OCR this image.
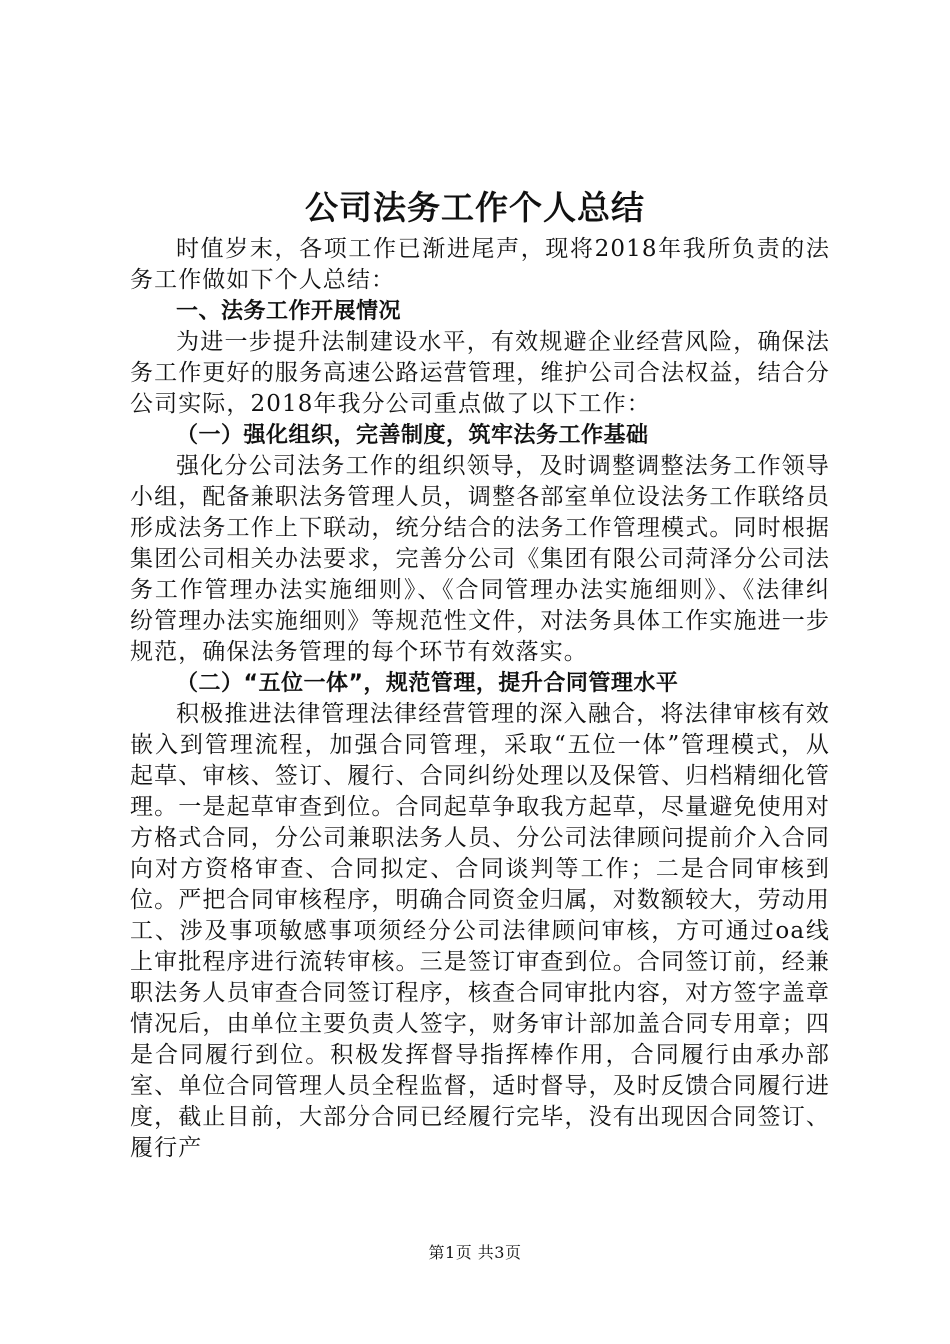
公司法务工作个人总结

时值岁末，各项工作已渐进尾声，现将2018年我所负责的法务工作做如下个人总结：

一、法务工作开展情况

为进一步提升法制建设水平，有效规避企业经营风险，确保法务工作更好的服务高速公路运营管理，维护公司合法权益，结合分公司实际，2018年我分公司重点做了以下工作：

（一）强化组织，完善制度，筑牢法务工作基础

强化分公司法务工作的组织领导，及时调整调整法务工作领导小组，配备兼职法务管理人员，调整各部室单位设法务工作联络员形成法务工作上下联动，统分结合的法务工作管理模式。同时根据集团公司相关办法要求，完善分公司《集团有限公司菏泽分公司法务工作管理办法实施细则》、《合同管理办法实施细则》、《法律纠纷管理办法实施细则》等规范性文件，对法务具体工作实施进一步规范，确保法务管理的每个环节有效落实。

（二）“五位一体”，规范管理，提升合同管理水平

积极推进法律管理法律经营管理的深入融合，将法律审核有效嵌入到管理流程，加强合同管理，采取“五位一体”管理模式，从起草、审核、签订、履行、合同纠纷处理以及保管、归档精细化管理。一是起草审查到位。合同起草争取我方起草，尽量避免使用对方格式合同，分公司兼职法务人员、分公司法律顾问提前介入合同向对方资格审查、合同拟定、合同谈判等工作；二是合同审核到位。严把合同审核程序，明确合同资金归属，对数额较大，劳动用工、涉及事项敏感事项须经分公司法律顾问审核，方可通过oa线上审批程序进行流转审核。三是签订审查到位。合同签订前，经兼职法务人员审查合同签订程序，核查合同审批内容，对方签字盖章情况后，由单位主要负责人签字，财务审计部加盖合同专用章；四是合同履行到位。积极发挥督导指挥棒作用，合同履行由承办部室、单位合同管理人员全程监督，适时督导，及时反馈合同履行进度，截止目前，大部分合同已经履行完毕，没有出现因合同签订、履行产

第1页 共3页
